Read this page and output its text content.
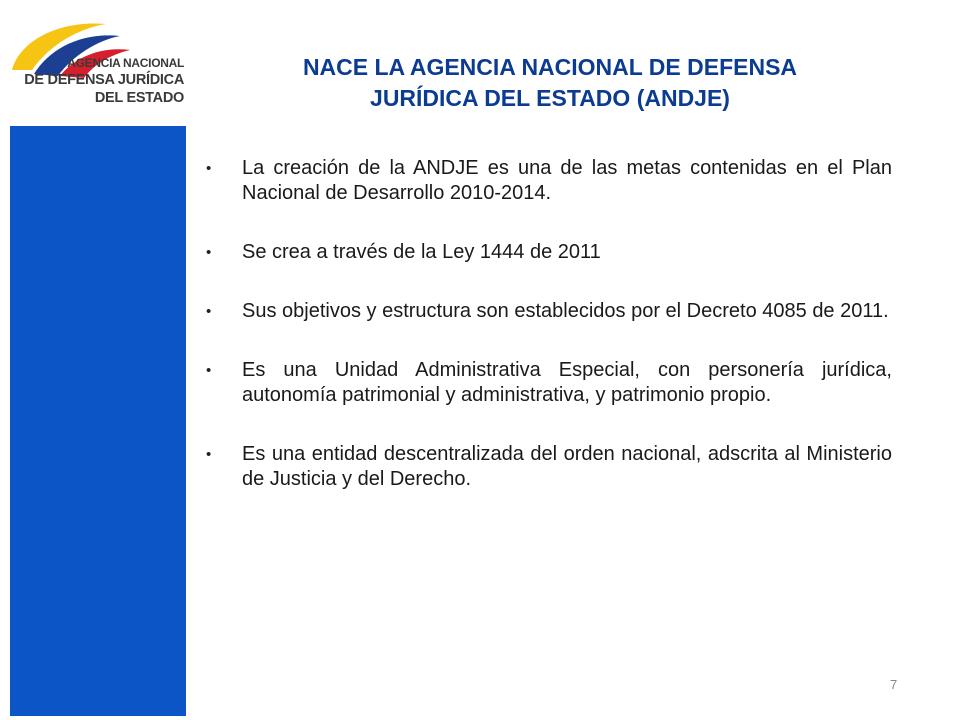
AGENCIA NACIONAL
DE DEFENSA JURÍDICA
DEL ESTADO
NACE LA AGENCIA NACIONAL DE DEFENSA
JURÍDICA DEL ESTADO (ANDJE)
• La creación de la ANDJE es una de las metas contenidas en el Plan Nacional de Desarrollo 2010-2014.
• Se crea a través de la Ley 1444 de 2011
• Sus objetivos y estructura son establecidos por el Decreto 4085 de 2011.
• Es una Unidad Administrativa Especial, con personería jurídica, autonomía patrimonial y administrativa, y patrimonio propio.
• Es una entidad descentralizada del orden nacional, adscrita al Ministerio de Justicia y del Derecho.
7
